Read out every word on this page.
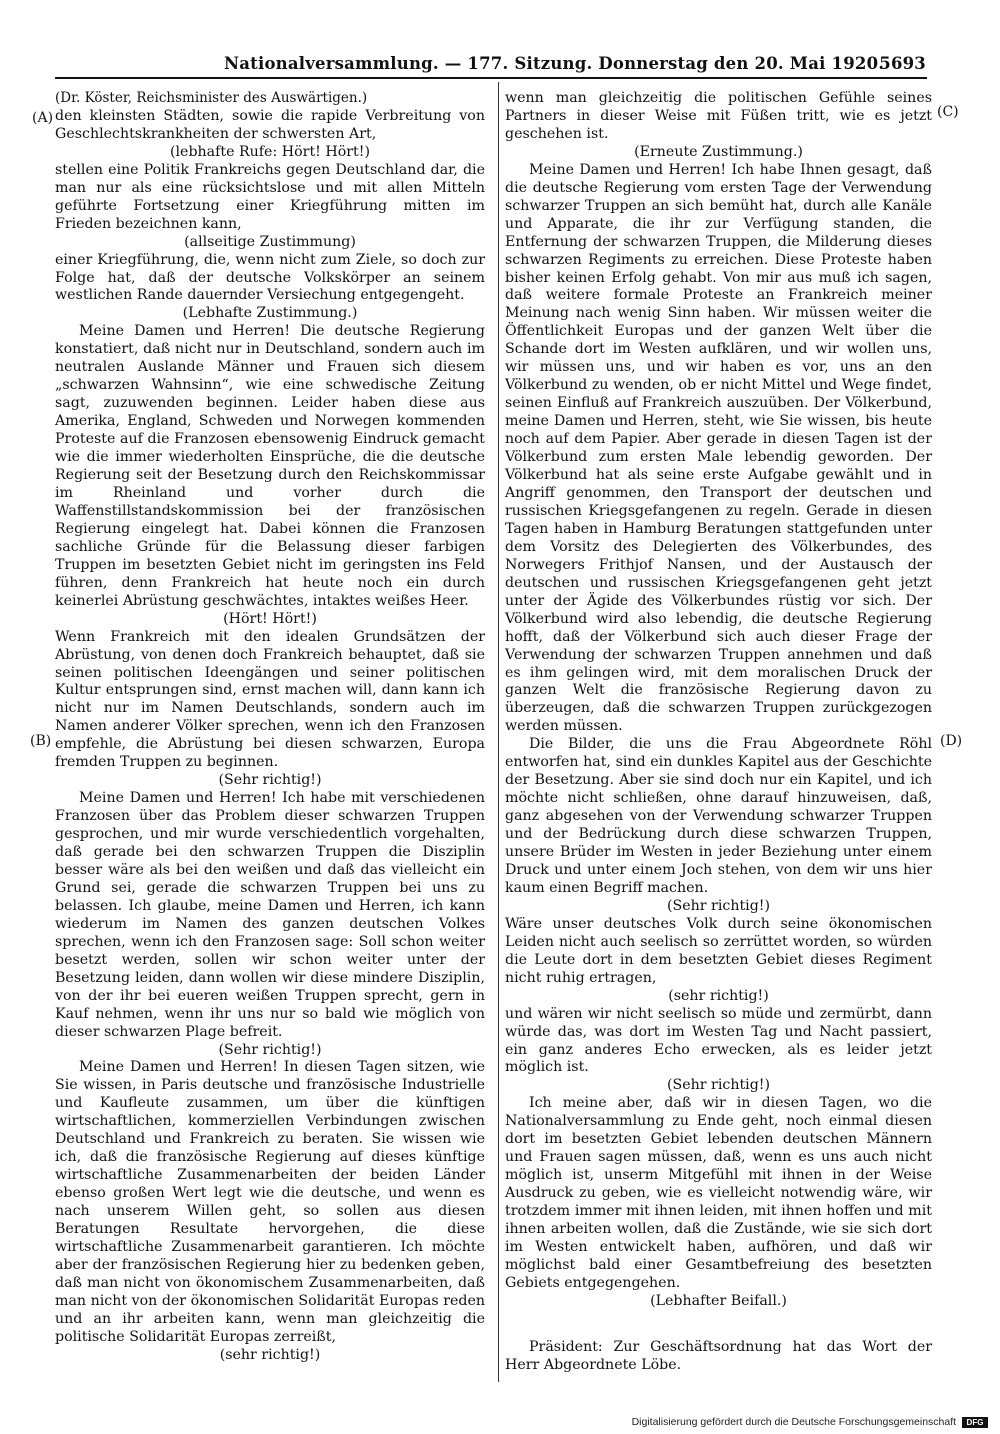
Nationalversammlung. — 177. Sitzung. Donnerstag den 20. Mai 1920.
5693
(A)
(B)
(C)
(D)

(Dr. Köster, Reichsminister des Auswärtigen.)

den kleinsten Städten, sowie die rapide Verbreitung von Geschlechtskrankheiten der schwersten Art,

(lebhafte Rufe: Hört! Hört!)

stellen eine Politik Frankreichs gegen Deutschland dar, die man nur als eine rücksichtslose und mit allen Mitteln geführte Fortsetzung einer Kriegführung mitten im Frieden bezeichnen kann,

(allseitige Zustimmung)

einer Kriegführung, die, wenn nicht zum Ziele, so doch zur Folge hat, daß der deutsche Volkskörper an seinem westlichen Rande dauernder Versiechung entgegengeht.

(Lebhafte Zustimmung.)

Meine Damen und Herren! Die deutsche Regierung konstatiert, daß nicht nur in Deutschland, sondern auch im neutralen Auslande Männer und Frauen sich diesem „schwarzen Wahnsinn“, wie eine schwedische Zeitung sagt, zuzuwenden beginnen. Leider haben diese aus Amerika, England, Schweden und Norwegen kommenden Proteste auf die Franzosen ebensowenig Eindruck gemacht wie die immer wiederholten Einsprüche, die die deutsche Regierung seit der Besetzung durch den Reichskommissar im Rheinland und vorher durch die Waffenstillstandskommission bei der französischen Regierung eingelegt hat. Dabei können die Franzosen sachliche Gründe für die Belassung dieser farbigen Truppen im besetzten Gebiet nicht im geringsten ins Feld führen, denn Frankreich hat heute noch ein durch keinerlei Abrüstung geschwächtes, intaktes weißes Heer.

(Hört! Hört!)

Wenn Frankreich mit den idealen Grundsätzen der Abrüstung, von denen doch Frankreich behauptet, daß sie seinen politischen Ideengängen und seiner politischen Kultur entsprungen sind, ernst machen will, dann kann ich nicht nur im Namen Deutschlands, sondern auch im Namen anderer Völker sprechen, wenn ich den Franzosen empfehle, die Abrüstung bei diesen schwarzen, Europa fremden Truppen zu beginnen.

(Sehr richtig!)

Meine Damen und Herren! Ich habe mit verschiedenen Franzosen über das Problem dieser schwarzen Truppen gesprochen, und mir wurde verschiedentlich vorgehalten, daß gerade bei den schwarzen Truppen die Disziplin besser wäre als bei den weißen und daß das vielleicht ein Grund sei, gerade die schwarzen Truppen bei uns zu belassen. Ich glaube, meine Damen und Herren, ich kann wiederum im Namen des ganzen deutschen Volkes sprechen, wenn ich den Franzosen sage: Soll schon weiter besetzt werden, sollen wir schon weiter unter der Besetzung leiden, dann wollen wir diese mindere Disziplin, von der ihr bei eueren weißen Truppen sprecht, gern in Kauf nehmen, wenn ihr uns nur so bald wie möglich von dieser schwarzen Plage befreit.

(Sehr richtig!)

Meine Damen und Herren! In diesen Tagen sitzen, wie Sie wissen, in Paris deutsche und französische Industrielle und Kaufleute zusammen, um über die künftigen wirtschaftlichen, kommerziellen Verbindungen zwischen Deutschland und Frankreich zu beraten. Sie wissen wie ich, daß die französische Regierung auf dieses künftige wirtschaftliche Zusammenarbeiten der beiden Länder ebenso großen Wert legt wie die deutsche, und wenn es nach unserem Willen geht, so sollen aus diesen Beratungen Resultate hervorgehen, die diese wirtschaftliche Zusammenarbeit garantieren. Ich möchte aber der französischen Regierung hier zu bedenken geben, daß man nicht von ökonomischem Zusammenarbeiten, daß man nicht von der ökonomischen Solidarität Europas reden und an ihr arbeiten kann, wenn man gleichzeitig die politische Solidarität Europas zerreißt,

(sehr richtig!)

wenn man gleichzeitig die politischen Gefühle seines Partners in dieser Weise mit Füßen tritt, wie es jetzt geschehen ist.

(Erneute Zustimmung.)

Meine Damen und Herren! Ich habe Ihnen gesagt, daß die deutsche Regierung vom ersten Tage der Verwendung schwarzer Truppen an sich bemüht hat, durch alle Kanäle und Apparate, die ihr zur Verfügung standen, die Entfernung der schwarzen Truppen, die Milderung dieses schwarzen Regiments zu erreichen. Diese Proteste haben bisher keinen Erfolg gehabt. Von mir aus muß ich sagen, daß weitere formale Proteste an Frankreich meiner Meinung nach wenig Sinn haben. Wir müssen weiter die Öffentlichkeit Europas und der ganzen Welt über die Schande dort im Westen aufklären, und wir wollen uns, wir müssen uns, und wir haben es vor, uns an den Völkerbund zu wenden, ob er nicht Mittel und Wege findet, seinen Einfluß auf Frankreich auszuüben. Der Völkerbund, meine Damen und Herren, steht, wie Sie wissen, bis heute noch auf dem Papier. Aber gerade in diesen Tagen ist der Völkerbund zum ersten Male lebendig geworden. Der Völkerbund hat als seine erste Aufgabe gewählt und in Angriff genommen, den Transport der deutschen und russischen Kriegsgefangenen zu regeln. Gerade in diesen Tagen haben in Hamburg Beratungen stattgefunden unter dem Vorsitz des Delegierten des Völkerbundes, des Norwegers Frithjof Nansen, und der Austausch der deutschen und russischen Kriegsgefangenen geht jetzt unter der Ägide des Völkerbundes rüstig vor sich. Der Völkerbund wird also lebendig, die deutsche Regierung hofft, daß der Völkerbund sich auch dieser Frage der Verwendung der schwarzen Truppen annehmen und daß es ihm gelingen wird, mit dem moralischen Druck der ganzen Welt die französische Regierung davon zu überzeugen, daß die schwarzen Truppen zurückgezogen werden müssen.

Die Bilder, die uns die Frau Abgeordnete Röhl entworfen hat, sind ein dunkles Kapitel aus der Geschichte der Besetzung. Aber sie sind doch nur ein Kapitel, und ich möchte nicht schließen, ohne darauf hinzuweisen, daß, ganz abgesehen von der Verwendung schwarzer Truppen und der Bedrückung durch diese schwarzen Truppen, unsere Brüder im Westen in jeder Beziehung unter einem Druck und unter einem Joch stehen, von dem wir uns hier kaum einen Begriff machen.

(Sehr richtig!)

Wäre unser deutsches Volk durch seine ökonomischen Leiden nicht auch seelisch so zerrüttet worden, so würden die Leute dort in dem besetzten Gebiet dieses Regiment nicht ruhig ertragen,

(sehr richtig!)

und wären wir nicht seelisch so müde und zermürbt, dann würde das, was dort im Westen Tag und Nacht passiert, ein ganz anderes Echo erwecken, als es leider jetzt möglich ist.

(Sehr richtig!)

Ich meine aber, daß wir in diesen Tagen, wo die Nationalversammlung zu Ende geht, noch einmal diesen dort im besetzten Gebiet lebenden deutschen Männern und Frauen sagen müssen, daß, wenn es uns auch nicht möglich ist, unserm Mitgefühl mit ihnen in der Weise Ausdruck zu geben, wie es vielleicht notwendig wäre, wir trotzdem immer mit ihnen leiden, mit ihnen hoffen und mit ihnen arbeiten wollen, daß die Zustände, wie sie sich dort im Westen entwickelt haben, aufhören, und daß wir möglichst bald einer Gesamtbefreiung des besetzten Gebiets entgegengehen.

(Lebhafter Beifall.)

Präsident: Zur Geschäftsordnung hat das Wort der Herr Abgeordnete Löbe.

Digitalisierung gefördert durch die Deutsche Forschungsgemeinschaft DFG
